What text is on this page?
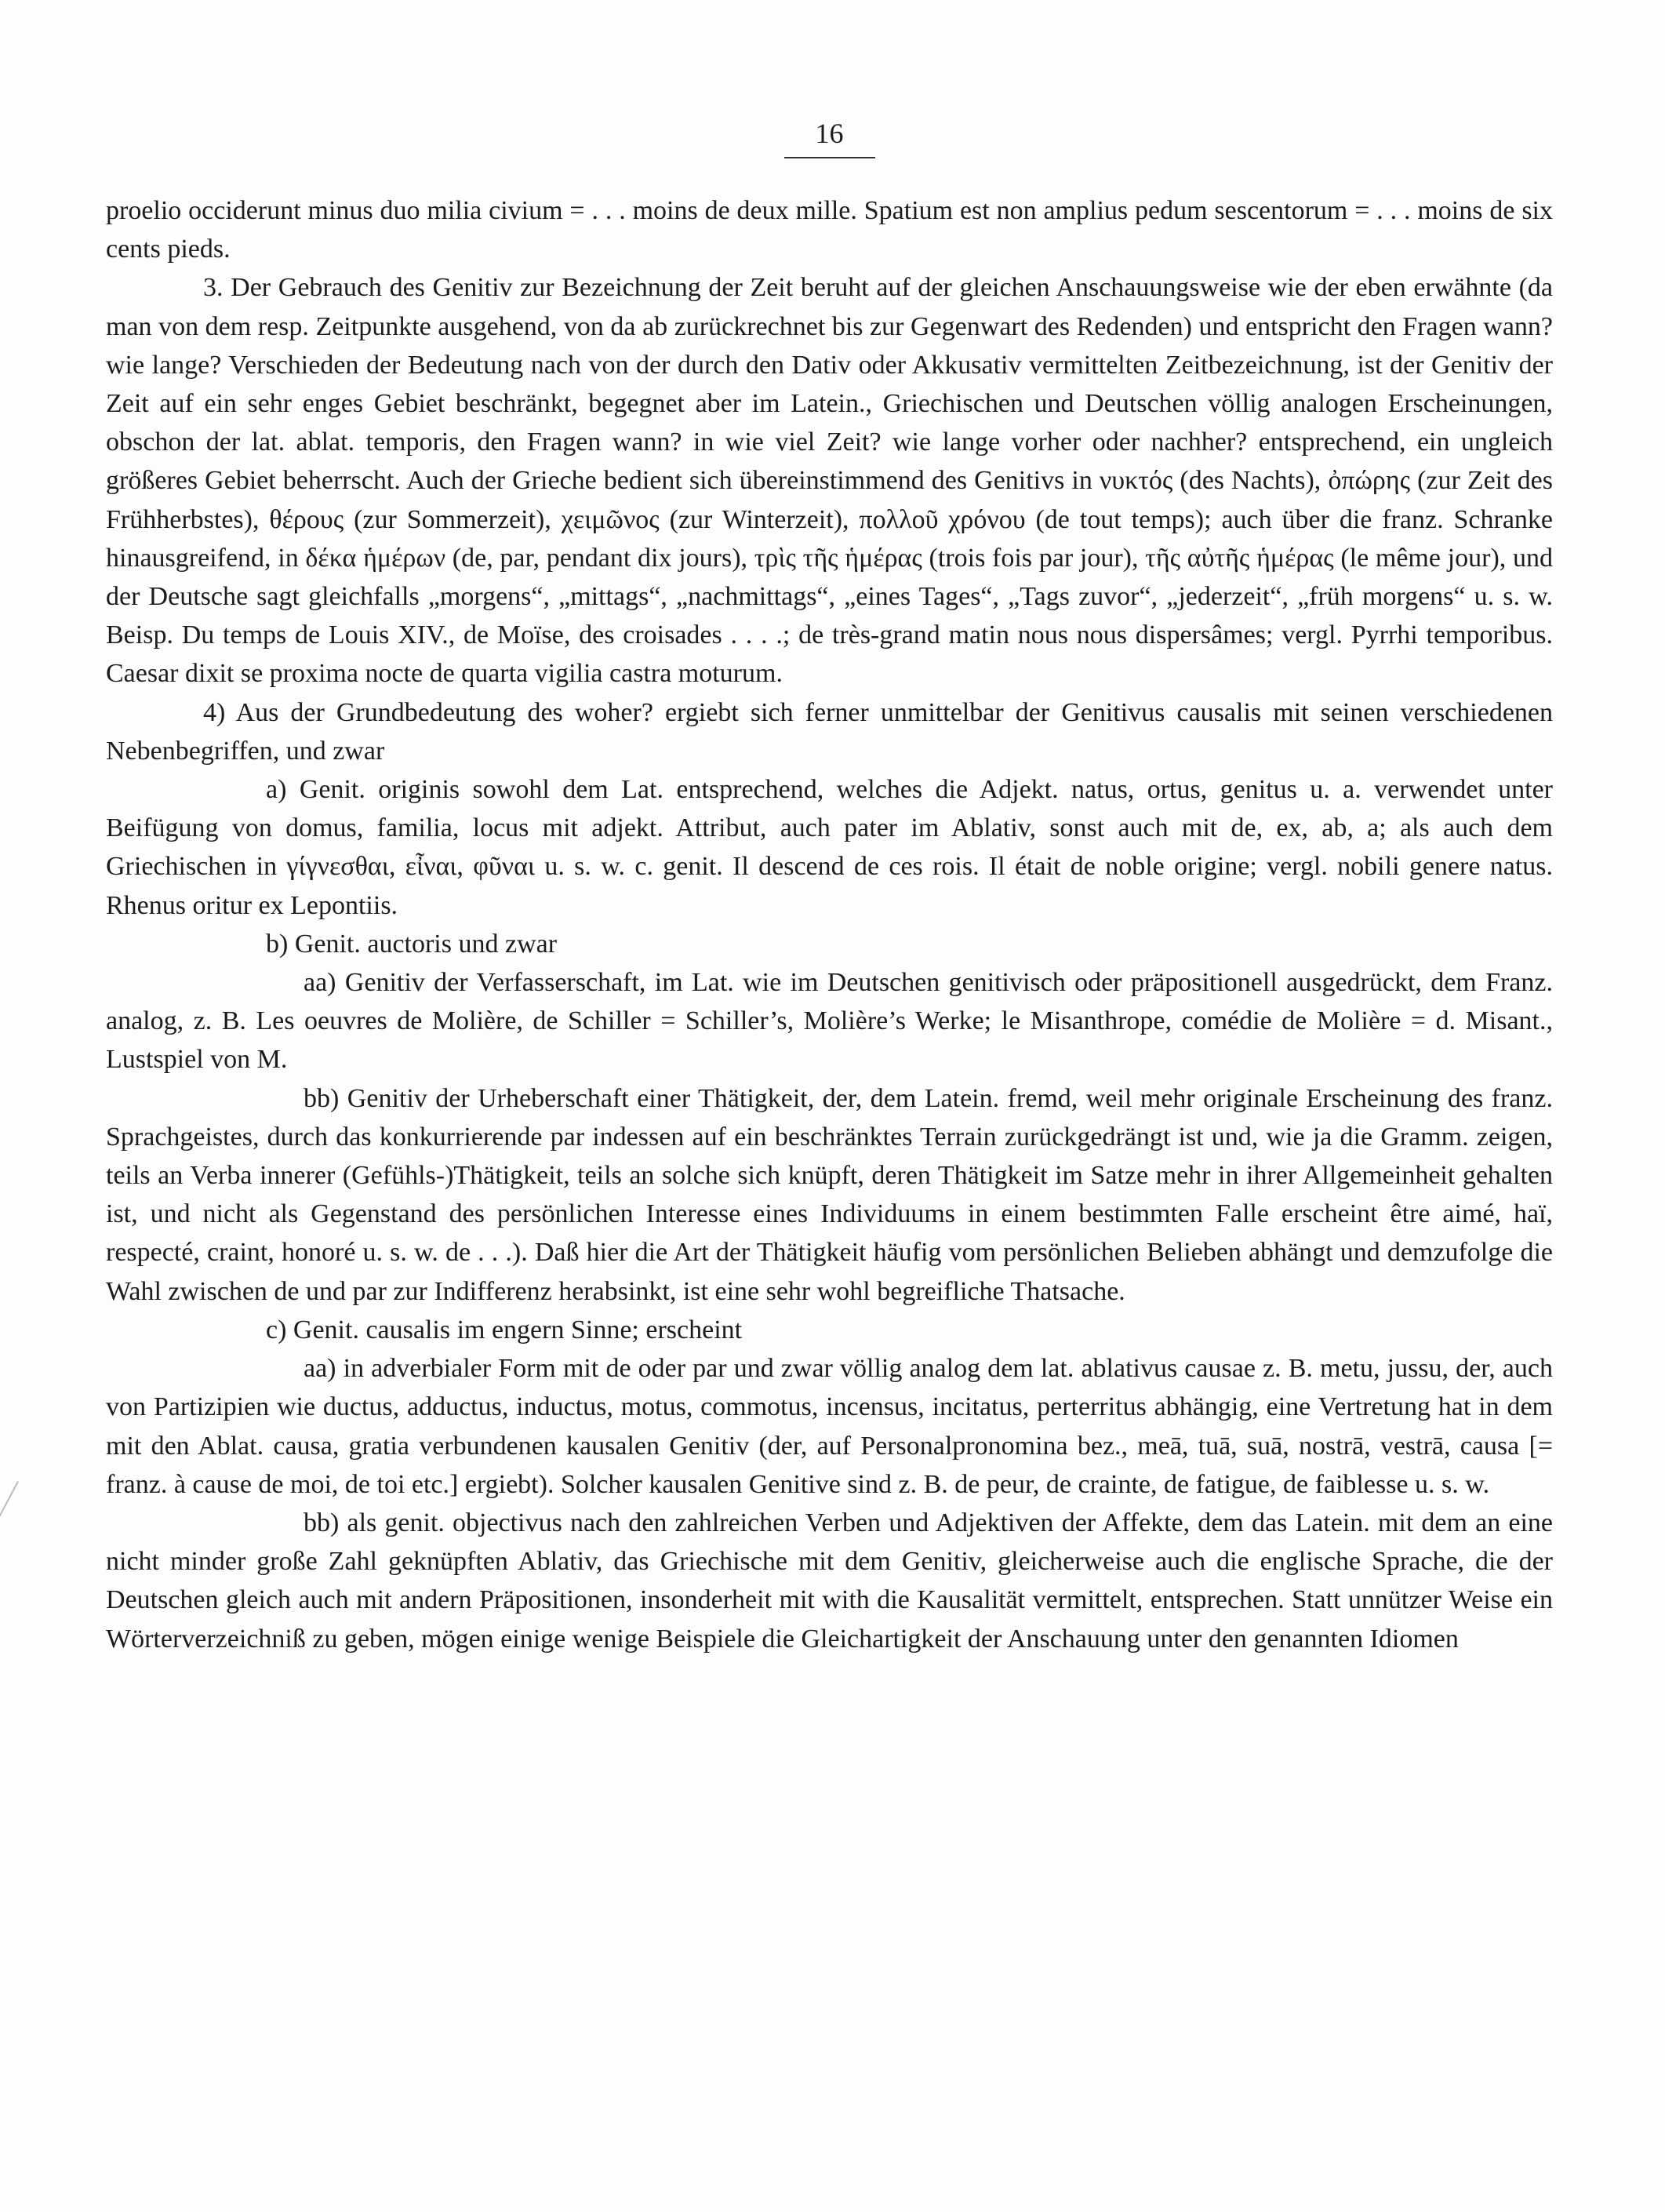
16

proelio occiderunt minus duo milia civium = . . . moins de deux mille. Spatium est non amplius pedum sescentorum = . . . moins de six cents pieds.

3. Der Gebrauch des Genitiv zur Bezeichnung der Zeit beruht auf der gleichen Anschauungsweise wie der eben erwähnte (da man von dem resp. Zeitpunkte ausgehend, von da ab zurückrechnet bis zur Gegenwart des Redenden) und entspricht den Fragen wann? wie lange? Verschieden der Bedeutung nach von der durch den Dativ oder Akkusativ vermittelten Zeitbezeichnung, ist der Genitiv der Zeit auf ein sehr enges Gebiet beschränkt, begegnet aber im Latein., Griechischen und Deutschen völlig analogen Erscheinungen, obschon der lat. ablat. temporis, den Fragen wann? in wie viel Zeit? wie lange vorher oder nachher? entsprechend, ein ungleich größeres Gebiet beherrscht. Auch der Grieche bedient sich übereinstimmend des Genitivs in νυκτός (des Nachts), ὀπώρης (zur Zeit des Frühherbstes), θέρους (zur Sommerzeit), χειμῶνος (zur Winterzeit), πολλοῦ χρόνου (de tout temps); auch über die franz. Schranke hinausgreifend, in δέκα ἡμέρων (de, par, pendant dix jours), τρὶς τῆς ἡμέρας (trois fois par jour), τῆς αὐτῆς ἡμέρας (le même jour), und der Deutsche sagt gleichfalls „morgens“, „mittags“, „nachmittags“, „eines Tages“, „Tags zuvor“, „jederzeit“, „früh morgens“ u. s. w. Beisp. Du temps de Louis XIV., de Moïse, des croisades . . . .; de très-grand matin nous nous dispersâmes; vergl. Pyrrhi temporibus. Caesar dixit se proxima nocte de quarta vigilia castra moturum.

4) Aus der Grundbedeutung des woher? ergiebt sich ferner unmittelbar der Genitivus causalis mit seinen verschiedenen Nebenbegriffen, und zwar

a) Genit. originis sowohl dem Lat. entsprechend, welches die Adjekt. natus, ortus, genitus u. a. verwendet unter Beifügung von domus, familia, locus mit adjekt. Attribut, auch pater im Ablativ, sonst auch mit de, ex, ab, a; als auch dem Griechischen in γίγνεσθαι, εἶναι, φῦναι u. s. w. c. genit. Il descend de ces rois. Il était de noble origine; vergl. nobili genere natus. Rhenus oritur ex Lepontiis.

b) Genit. auctoris und zwar

aa) Genitiv der Verfasserschaft, im Lat. wie im Deutschen genitivisch oder präpositionell ausgedrückt, dem Franz. analog, z. B. Les oeuvres de Molière, de Schiller = Schiller’s, Molière’s Werke; le Misanthrope, comédie de Molière = d. Misant., Lustspiel von M.

bb) Genitiv der Urheberschaft einer Thätigkeit, der, dem Latein. fremd, weil mehr originale Erscheinung des franz. Sprachgeistes, durch das konkurrierende par indessen auf ein beschränktes Terrain zurückgedrängt ist und, wie ja die Gramm. zeigen, teils an Verba innerer (Gefühls-)Thätigkeit, teils an solche sich knüpft, deren Thätigkeit im Satze mehr in ihrer Allgemeinheit gehalten ist, und nicht als Gegenstand des persönlichen Interesse eines Individuums in einem bestimmten Falle erscheint être aimé, haï, respecté, craint, honoré u. s. w. de . . .). Daß hier die Art der Thätigkeit häufig vom persönlichen Belieben abhängt und demzufolge die Wahl zwischen de und par zur Indifferenz herabsinkt, ist eine sehr wohl begreifliche Thatsache.

c) Genit. causalis im engern Sinne; erscheint

aa) in adverbialer Form mit de oder par und zwar völlig analog dem lat. ablativus causae z. B. metu, jussu, der, auch von Partizipien wie ductus, adductus, inductus, motus, commotus, incensus, incitatus, perterritus abhängig, eine Vertretung hat in dem mit den Ablat. causa, gratia verbundenen kausalen Genitiv (der, auf Personalpronomina bez., meā, tuā, suā, nostrā, vestrā, causa [= franz. à cause de moi, de toi etc.] ergiebt). Solcher kausalen Genitive sind z. B. de peur, de crainte, de fatigue, de faiblesse u. s. w.

bb) als genit. objectivus nach den zahlreichen Verben und Adjektiven der Affekte, dem das Latein. mit dem an eine nicht minder große Zahl geknüpften Ablativ, das Griechische mit dem Genitiv, gleicherweise auch die englische Sprache, die der Deutschen gleich auch mit andern Präpositionen, insonderheit mit with die Kausalität vermittelt, entsprechen. Statt unnützer Weise ein Wörterverzeichniß zu geben, mögen einige wenige Beispiele die Gleichartigkeit der Anschauung unter den genannten Idiomen
